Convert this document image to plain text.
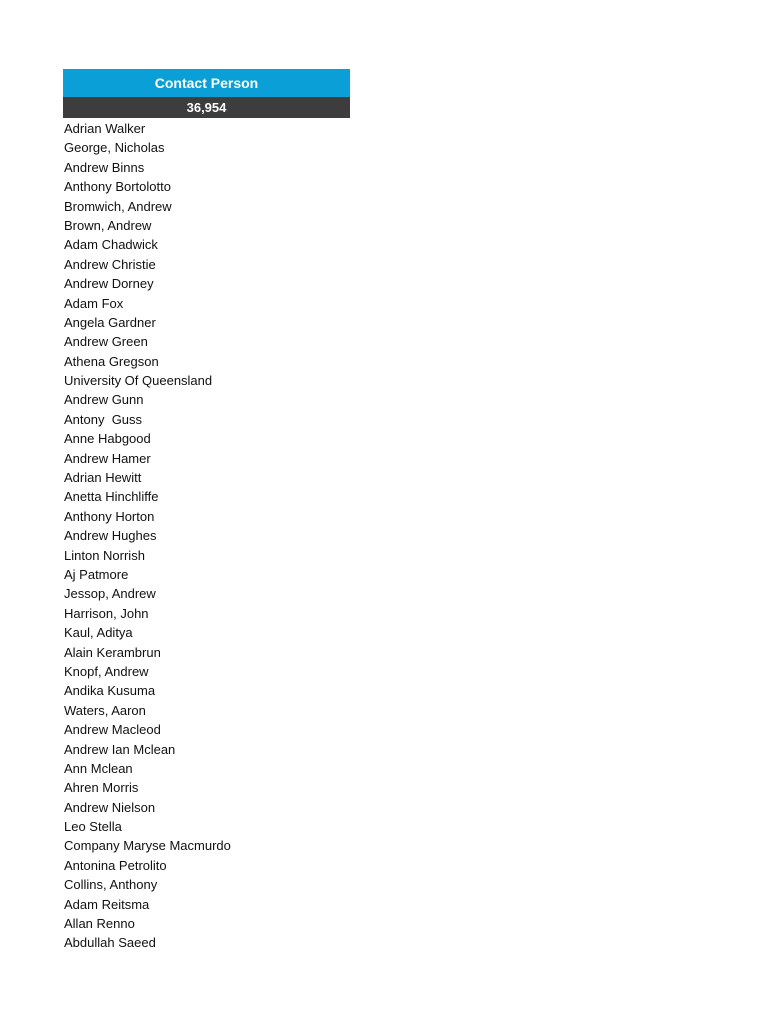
Contact Person
36,954
Adrian Walker
George, Nicholas
Andrew Binns
Anthony Bortolotto
Bromwich, Andrew
Brown, Andrew
Adam Chadwick
Andrew Christie
Andrew Dorney
Adam Fox
Angela Gardner
Andrew Green
Athena Gregson
University Of Queensland
Andrew Gunn
Antony  Guss
Anne Habgood
Andrew Hamer
Adrian Hewitt
Anetta Hinchliffe
Anthony Horton
Andrew Hughes
Linton Norrish
Aj Patmore
Jessop, Andrew
Harrison, John
Kaul, Aditya
Alain Kerambrun
Knopf, Andrew
Andika Kusuma
Waters, Aaron
Andrew Macleod
Andrew Ian Mclean
Ann Mclean
Ahren Morris
Andrew Nielson
Leo Stella
Company Maryse Macmurdo
Antonina Petrolito
Collins, Anthony
Adam Reitsma
Allan Renno
Abdullah Saeed
